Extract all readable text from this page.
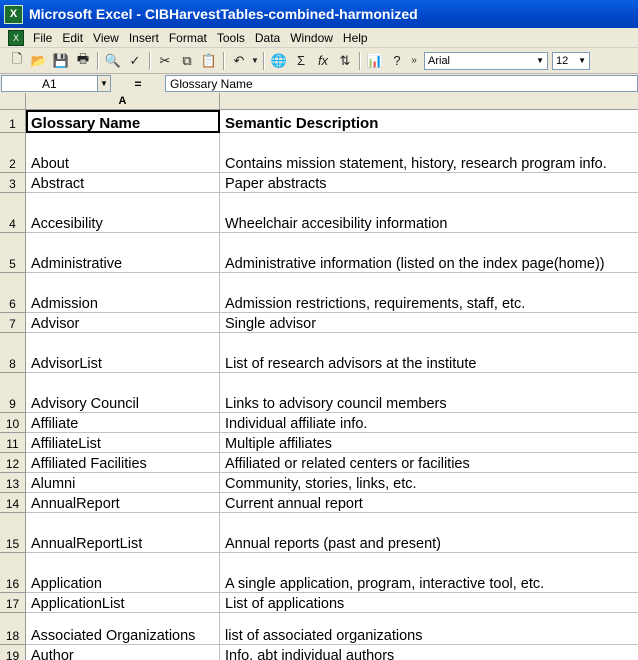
X Microsoft Excel - CIBHarvestTables-combined-harmonized
X	File Edit View Insert Format Tools Data Window Help
🗋 📂 💾 🖶	🔍 ✓	✂ ⧉ 📋	↶ ▼ 🌐 Σ fx ⇅	📊 ?	» Arial	▼ 12 ▼
A1	▼	=	Glossary Name
A
1	Glossary Name	Semantic Description
2	About	Contains mission statement, history, research program info.
3	Abstract	Paper abstracts
4	Accesibility	Wheelchair accesibility information
5	Administrative	Administrative information (listed on the index page(home))
6	Admission	Admission restrictions, requirements, staff, etc.
7	Advisor	Single advisor
8	AdvisorList	List of research advisors at the institute
9	Advisory Council	Links to advisory council members
10 Affiliate	Individual affiliate info.
11 AffiliateList	Multiple affiliates
12 Affiliated Facilities	Affiliated or related centers or facilities
13 Alumni	Community, stories, links, etc.
14 AnnualReport	Current annual report
15 AnnualReportList	Annual reports (past and present)
16 Application	A single application, program, interactive tool, etc.
17 ApplicationList	List of applications
18 Associated Organizations	list of associated organizations
19 Author	Info. abt individual authors
